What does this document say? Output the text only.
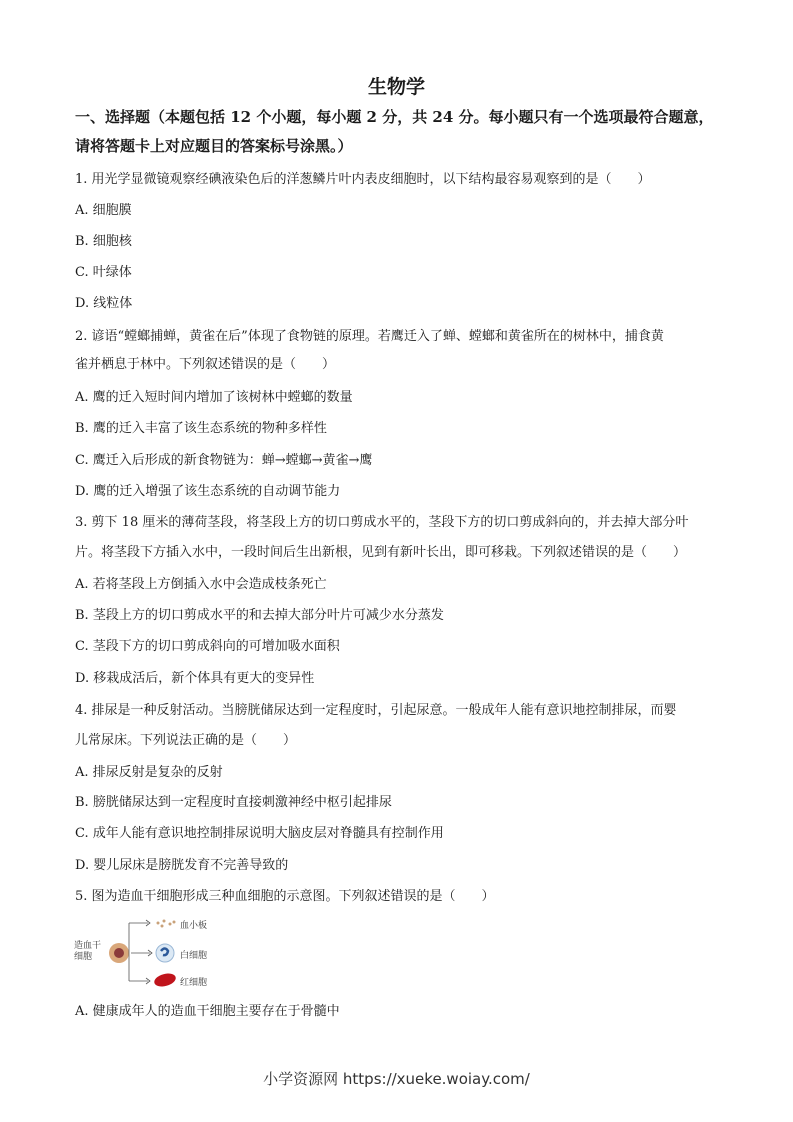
生物学
一、选择题（本题包括 12 个小题，每小题 2 分，共 24 分。每小题只有一个选项最符合题意，
请将答题卡上对应题目的答案标号涂黑。）
1. 用光学显微镜观察经碘液染色后的洋葱鳞片叶内表皮细胞时，以下结构最容易观察到的是（　　）
A. 细胞膜
B. 细胞核
C. 叶绿体
D. 线粒体
2. 谚语“螳螂捕蝉，黄雀在后”体现了食物链的原理。若鹰迁入了蝉、螳螂和黄雀所在的树林中，捕食黄
雀并栖息于林中。下列叙述错误的是（　　）
A. 鹰的迁入短时间内增加了该树林中螳螂的数量
B. 鹰的迁入丰富了该生态系统的物种多样性
C. 鹰迁入后形成的新食物链为：蝉→螳螂→黄雀→鹰
D. 鹰的迁入增强了该生态系统的自动调节能力
3. 剪下 18 厘米的薄荷茎段，将茎段上方的切口剪成水平的，茎段下方的切口剪成斜向的，并去掉大部分叶
片。将茎段下方插入水中，一段时间后生出新根，见到有新叶长出，即可移栽。下列叙述错误的是（　　）
A. 若将茎段上方倒插入水中会造成枝条死亡
B. 茎段上方的切口剪成水平的和去掉大部分叶片可减少水分蒸发
C. 茎段下方的切口剪成斜向的可增加吸水面积
D. 移栽成活后，新个体具有更大的变异性
4. 排尿是一种反射活动。当膀胱储尿达到一定程度时，引起尿意。一般成年人能有意识地控制排尿，而婴
儿常尿床。下列说法正确的是（　　）
A. 排尿反射是复杂的反射
B. 膀胱储尿达到一定程度时直接刺激神经中枢引起排尿
C. 成年人能有意识地控制排尿说明大脑皮层对脊髓具有控制作用
D. 婴儿尿床是膀胱发育不完善导致的
5. 图为造血干细胞形成三种血细胞的示意图。下列叙述错误的是（　　）
造血干细胞
血小板
白细胞
红细胞
A. 健康成年人的造血干细胞主要存在于骨髓中
小学资源网 https://xueke.woiay.com/
